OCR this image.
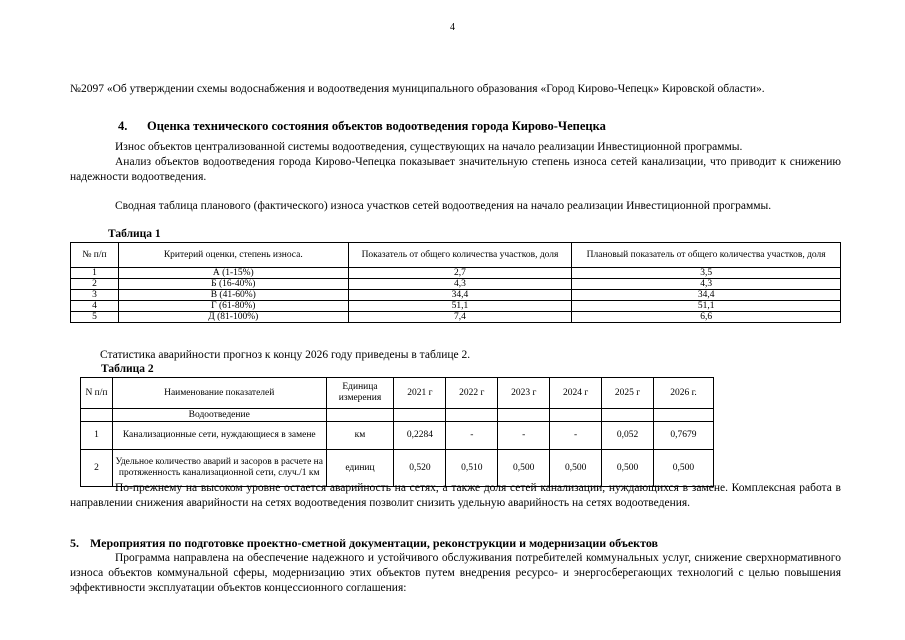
4
№2097 «Об утверждении схемы водоснабжения и водоотведения муниципального образования «Город Кирово-Чепецк» Кировской области».
4. Оценка технического состояния объектов водоотведения города Кирово-Чепецка
Износ объектов централизованной системы водоотведения, существующих на начало реализации Инвестиционной программы.
Анализ объектов водоотведения города Кирово-Чепецка показывает значительную степень износа сетей канализации, что приводит к снижению надежности водоотведения.
Сводная таблица планового (фактического) износа участков сетей водоотведения на начало реализации Инвестиционной программы.
Таблица 1
№ п/п	Критерий оценки, степень износа.	Показатель от общего количества участков, доля	Плановый показатель от общего количества участков, доля
1	А (1-15%)	2,7	3,5
2	Б (16-40%)	4,3	4,3
3	В (41-60%)	34,4	34,4
4	Г (61-80%)	51,1	51,1
5	Д (81-100%)	7,4	6,6
Статистика аварийности прогноз к концу 2026 году приведены в таблице 2.
Таблица 2
N п/п	Наименование показателей	Единица измерения	2021 г	2022 г	2023 г	2024 г	2025 г	2026 г.
	Водоотведение							
1	Канализационные сети, нуждающиеся в замене	км	0,2284	-	-	-	0,052	0,7679
2	Удельное количество аварий и засоров в расчете на протяженность канализационной сети, случ./1 км	единиц	0,520	0,510	0,500	0,500	0,500	0,500
По-прежнему на высоком уровне остается аварийность на сетях, а также доля сетей канализации, нуждающихся в замене. Комплексная работа в направлении снижения аварийности на сетях водоотведения позволит снизить удельную аварийность на сетях водоотведения.
5. Мероприятия по подготовке проектно-сметной документации, реконструкции и модернизации объектов
Программа направлена на обеспечение надежного и устойчивого обслуживания потребителей коммунальных услуг, снижение сверхнормативного износа объектов коммунальной сферы, модернизацию этих объектов путем внедрения ресурсо- и энергосберегающих технологий с целью повышения эффективности эксплуатации объектов концессионного соглашения:
